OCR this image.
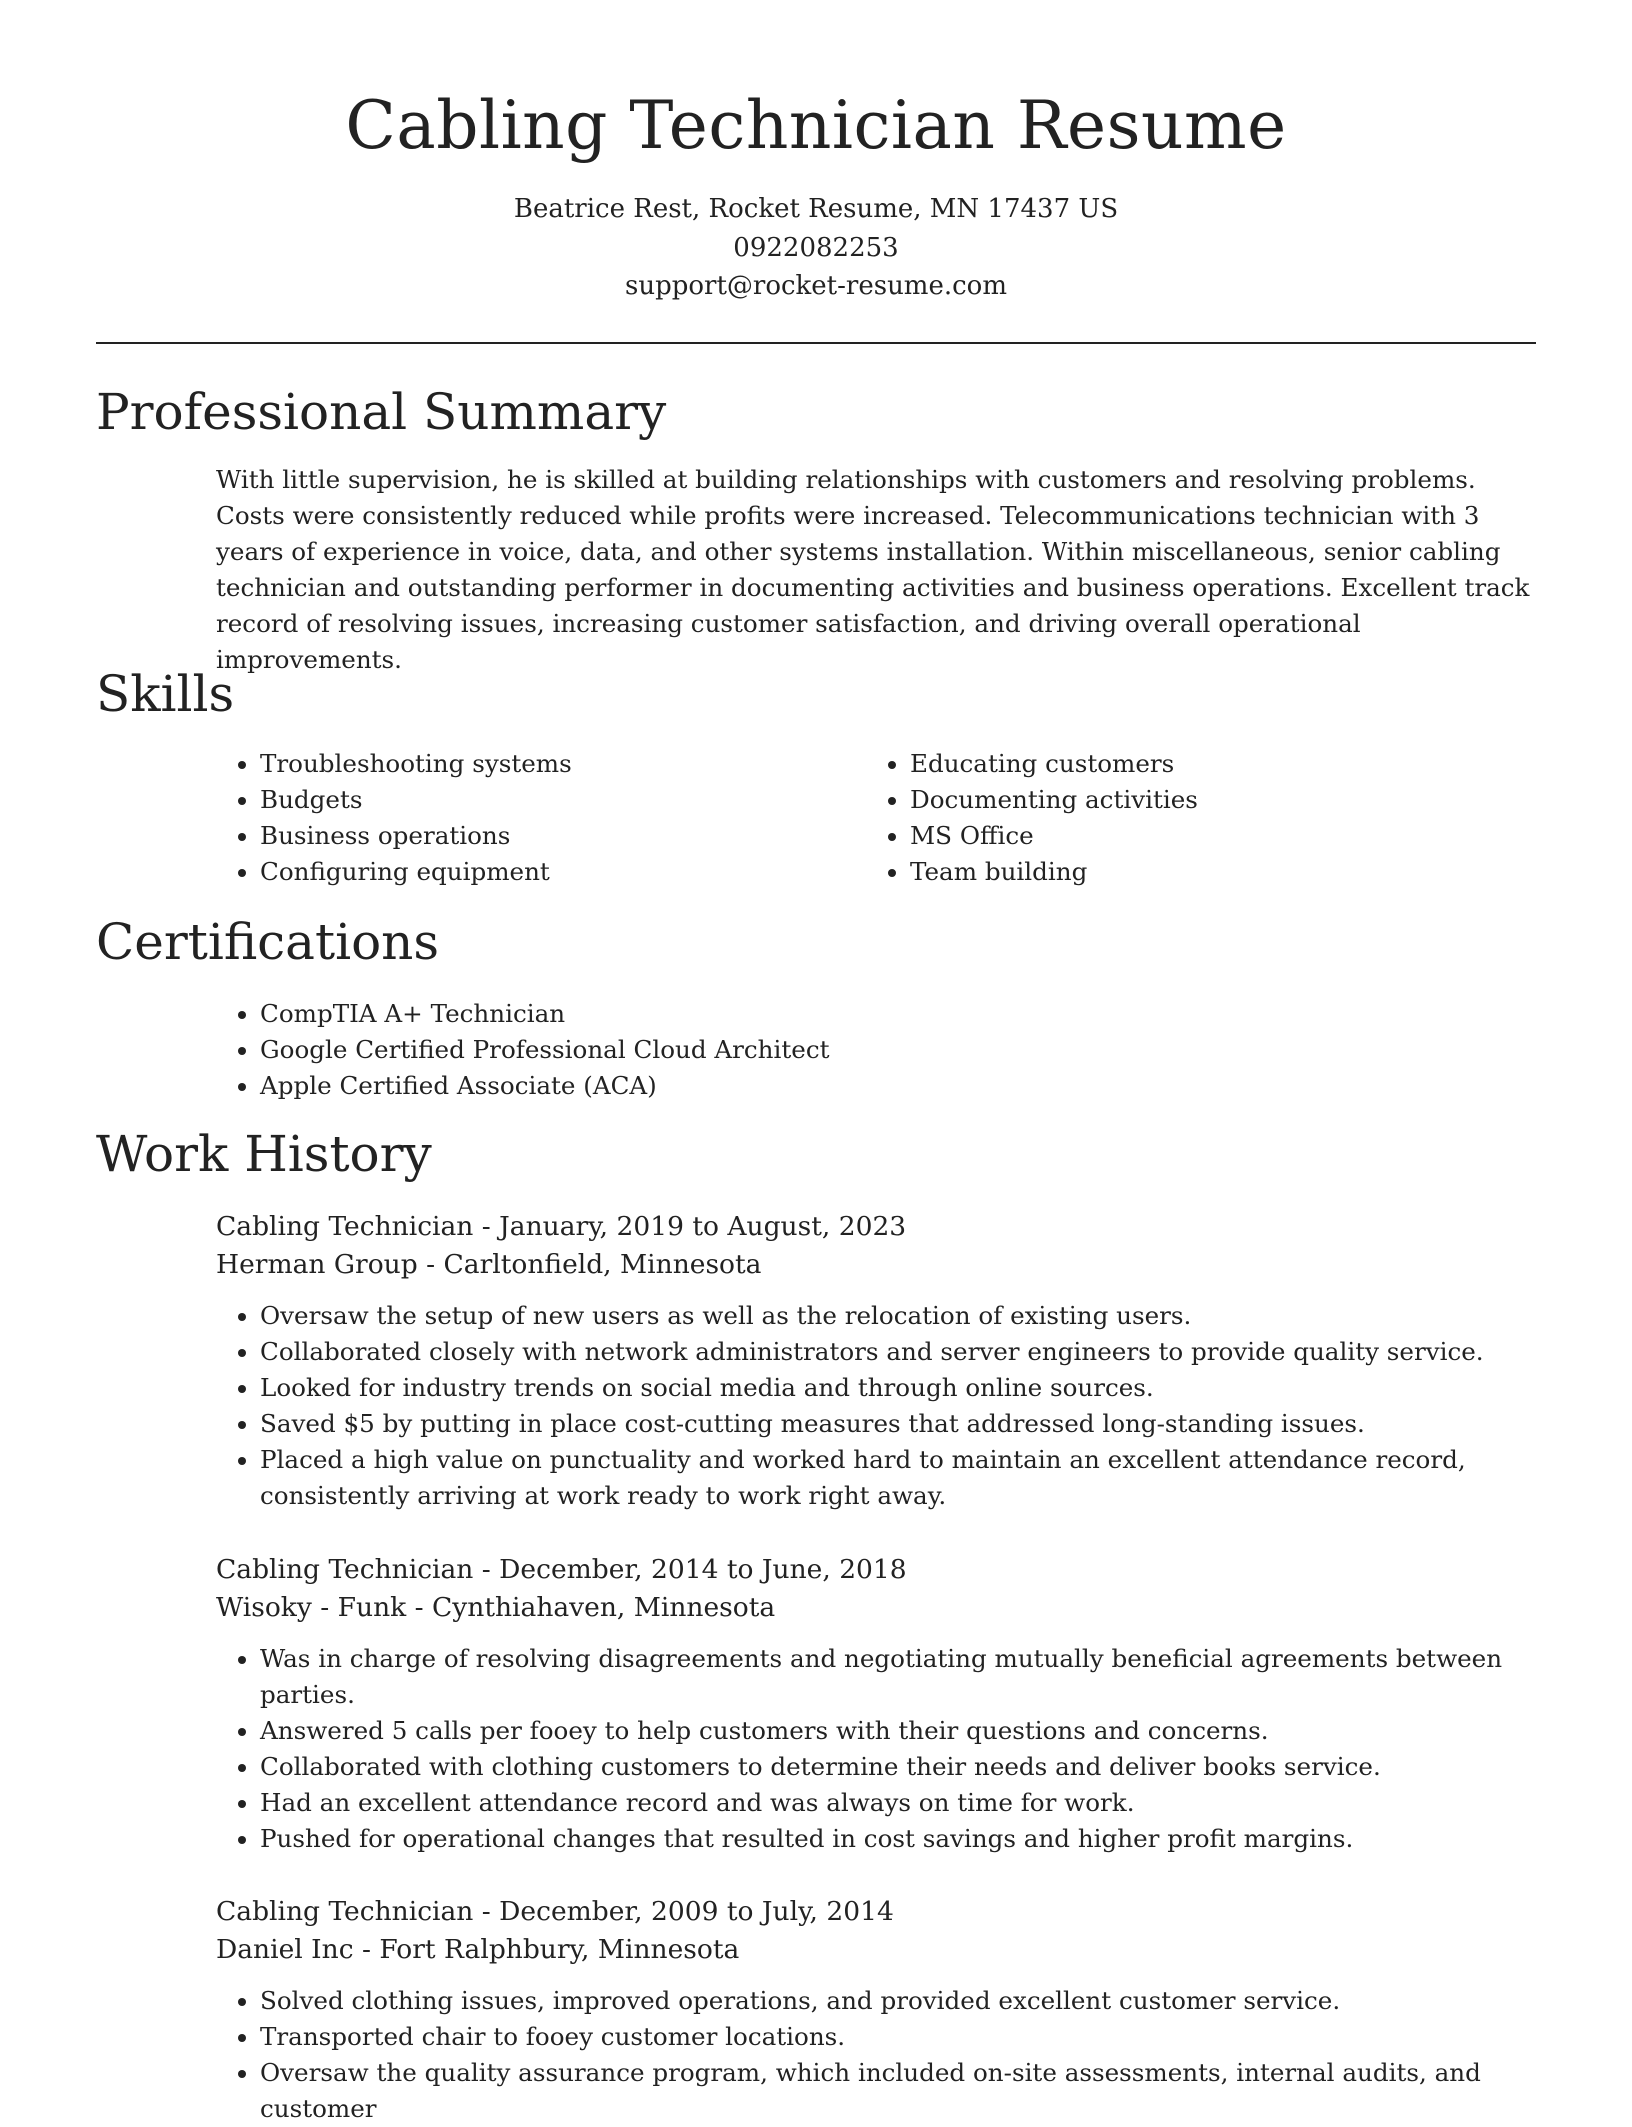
Cabling Technician Resume
Beatrice Rest, Rocket Resume, MN 17437 US
0922082253
support@rocket-resume.com
Professional Summary
With little supervision, he is skilled at building relationships with customers and resolving problems. Costs were consistently reduced while profits were increased. Telecommunications technician with 3 years of experience in voice, data, and other systems installation. Within miscellaneous, senior cabling technician and outstanding performer in documenting activities and business operations. Excellent track record of resolving issues, increasing customer satisfaction, and driving overall operational improvements.
Skills
• Troubleshooting systems
• Budgets
• Business operations
• Configuring equipment
• Educating customers
• Documenting activities
• MS Office
• Team building
Certifications
• CompTIA A+ Technician
• Google Certified Professional Cloud Architect
• Apple Certified Associate (ACA)
Work History
Cabling Technician - January, 2019 to August, 2023
Herman Group - Carltonfield, Minnesota
• Oversaw the setup of new users as well as the relocation of existing users.
• Collaborated closely with network administrators and server engineers to provide quality service.
• Looked for industry trends on social media and through online sources.
• Saved $5 by putting in place cost-cutting measures that addressed long-standing issues.
• Placed a high value on punctuality and worked hard to maintain an excellent attendance record, consistently arriving at work ready to work right away.
Cabling Technician - December, 2014 to June, 2018
Wisoky - Funk - Cynthiahaven, Minnesota
• Was in charge of resolving disagreements and negotiating mutually beneficial agreements between parties.
• Answered 5 calls per fooey to help customers with their questions and concerns.
• Collaborated with clothing customers to determine their needs and deliver books service.
• Had an excellent attendance record and was always on time for work.
• Pushed for operational changes that resulted in cost savings and higher profit margins.
Cabling Technician - December, 2009 to July, 2014
Daniel Inc - Fort Ralphbury, Minnesota
• Solved clothing issues, improved operations, and provided excellent customer service.
• Transported chair to fooey customer locations.
• Oversaw the quality assurance program, which included on-site assessments, internal audits, and customer
